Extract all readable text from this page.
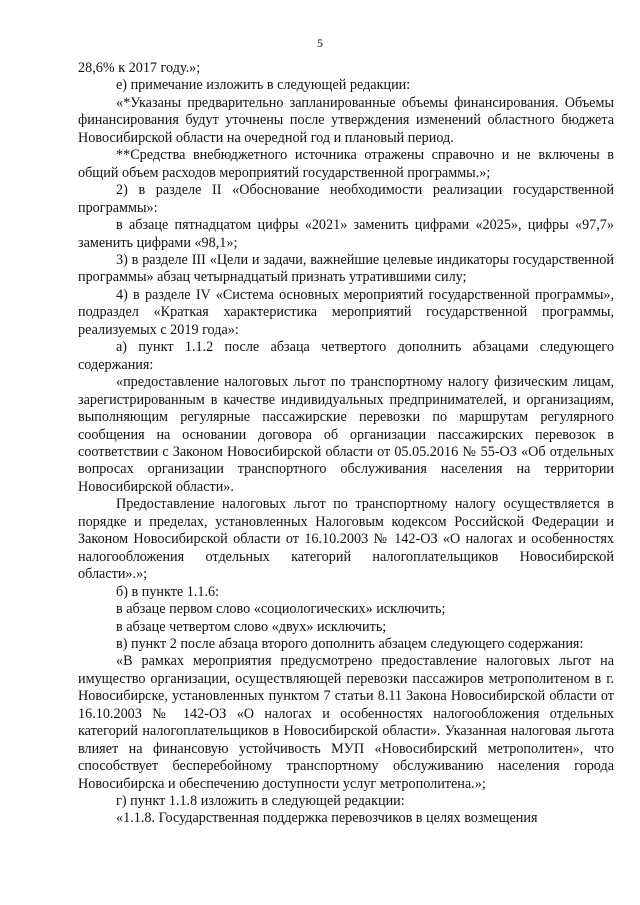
5

28,6% к 2017 году.»;

е) примечание изложить в следующей редакции:

«*Указаны предварительно запланированные объемы финансирования. Объемы финансирования будут уточнены после утверждения изменений областного бюджета Новосибирской области на очередной год и плановый период.

**Средства внебюджетного источника отражены справочно и не включены в общий объем расходов мероприятий государственной программы.»;

2) в разделе II «Обоснование необходимости реализации государственной программы»:

в абзаце пятнадцатом цифры «2021» заменить цифрами «2025», цифры «97,7» заменить цифрами «98,1»;

3) в разделе III «Цели и задачи, важнейшие целевые индикаторы государственной программы» абзац четырнадцатый признать утратившими силу;

4) в разделе IV «Система основных мероприятий государственной программы», подраздел «Краткая характеристика мероприятий государственной программы, реализуемых с 2019 года»:

а) пункт 1.1.2 после абзаца четвертого дополнить абзацами следующего содержания:

«предоставление налоговых льгот по транспортному налогу физическим лицам, зарегистрированным в качестве индивидуальных предпринимателей, и организациям, выполняющим регулярные пассажирские перевозки по маршрутам регулярного сообщения на основании договора об организации пассажирских перевозок в соответствии с Законом Новосибирской области от 05.05.2016 № 55-ОЗ «Об отдельных вопросах организации транспортного обслуживания населения на территории Новосибирской области».

Предоставление налоговых льгот по транспортному налогу осуществляется в порядке и пределах, установленных Налоговым кодексом Российской Федерации и Законом Новосибирской области от 16.10.2003 № 142-ОЗ «О налогах и особенностях налогообложения отдельных категорий налогоплательщиков Новосибирской области».»;

б) в пункте 1.1.6:

в абзаце первом слово «социологических» исключить;

в абзаце четвертом слово «двух» исключить;

в) пункт 2 после абзаца второго дополнить абзацем следующего содержания:

«В рамках мероприятия предусмотрено предоставление налоговых льгот на имущество организации, осуществляющей перевозки пассажиров метрополитеном в г. Новосибирске, установленных пунктом 7 статьи 8.11 Закона Новосибирской области от 16.10.2003 № 142-ОЗ «О налогах и особенностях налогообложения отдельных категорий налогоплательщиков в Новосибирской области». Указанная налоговая льгота влияет на финансовую устойчивость МУП «Новосибирский метрополитен», что способствует бесперебойному транспортному обслуживанию населения города Новосибирска и обеспечению доступности услуг метрополитена.»;

г) пункт 1.1.8 изложить в следующей редакции:

«1.1.8. Государственная поддержка перевозчиков в целях возмещения
